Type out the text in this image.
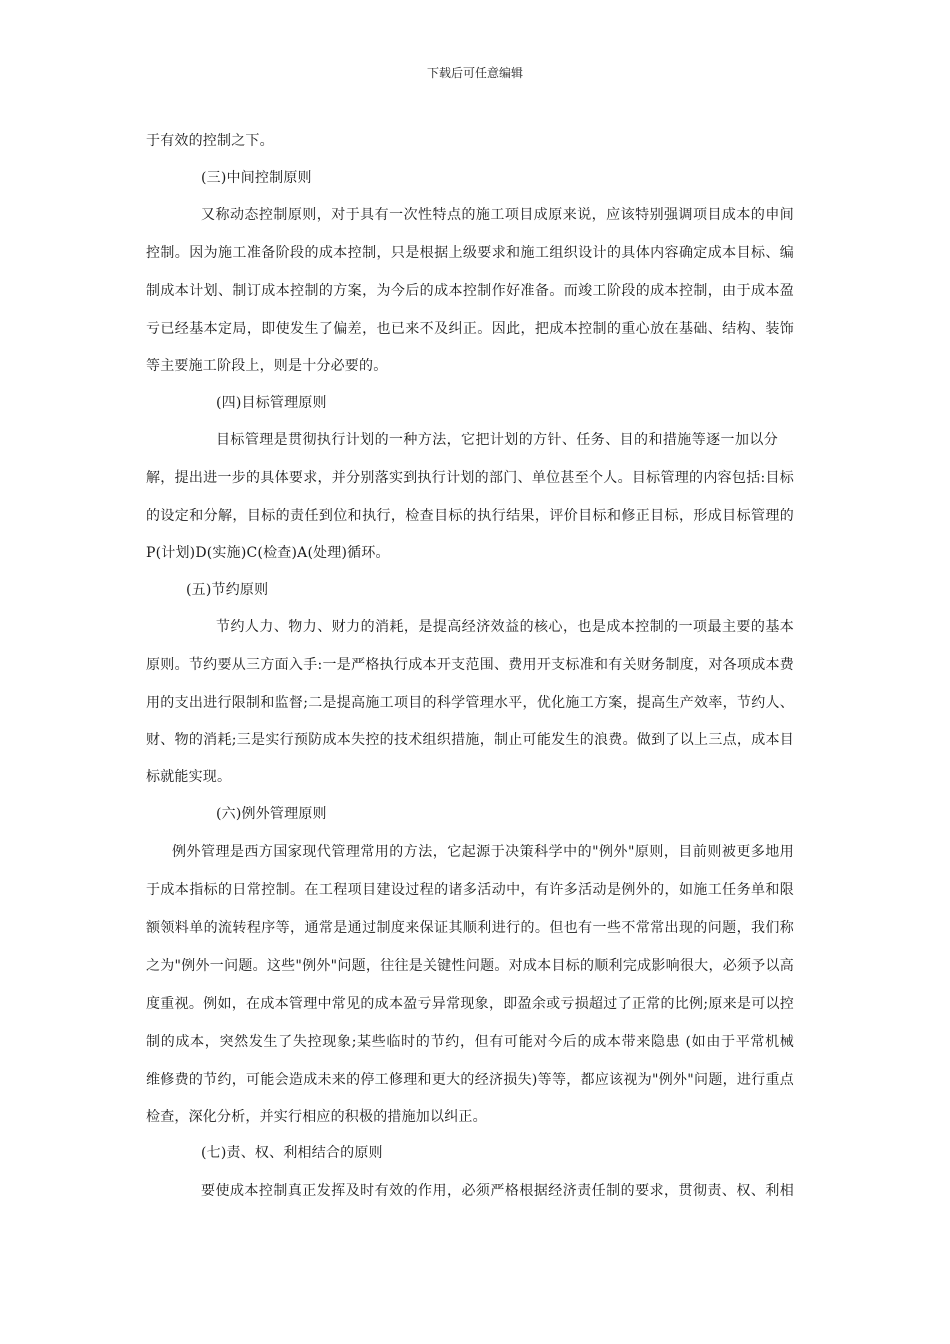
下载后可任意编辑
于有效的控制之下。
(三)中间控制原则
又称动态控制原则，对于具有一次性特点的施工项目成原来说，应该特别强调项目成本的申间
控制。因为施工准备阶段的成本控制，只是根据上级要求和施工组织设计的具体内容确定成本目标、编
制成本计划、制订成本控制的方案，为今后的成本控制作好准备。而竣工阶段的成本控制，由于成本盈
亏已经基本定局，即使发生了偏差，也已来不及纠正。因此，把成本控制的重心放在基础、结构、装饰
等主要施工阶段上，则是十分必要的。
(四)目标管理原则
目标管理是贯彻执行计划的一种方法，它把计划的方针、任务、目的和措施等逐一加以分
解，提出进一步的具体要求，并分别落实到执行计划的部门、单位甚至个人。目标管理的内容包括:目标
的设定和分解，目标的责任到位和执行，检查目标的执行结果，评价目标和修正目标，形成目标管理的
P(计划)D(实施)C(检查)A(处理)循环。
(五)节约原则
节约人力、物力、财力的消耗，是提高经济效益的核心，也是成本控制的一项最主要的基本
原则。节约要从三方面入手:一是严格执行成本开支范围、费用开支标准和有关财务制度，对各项成本费
用的支出进行限制和监督;二是提高施工项目的科学管理水平，优化施工方案，提高生产效率，节约人、
财、物的消耗;三是实行预防成本失控的技术组织措施，制止可能发生的浪费。做到了以上三点，成本目
标就能实现。
(六)例外管理原则
例外管理是西方国家现代管理常用的方法，它起源于决策科学中的"例外"原则，目前则被更多地用
于成本指标的日常控制。在工程项目建设过程的诸多活动中，有许多活动是例外的，如施工任务单和限
额领料单的流转程序等，通常是通过制度来保证其顺利进行的。但也有一些不常常出现的问题，我们称
之为"例外一问题。这些"例外"问题，往往是关键性问题。对成本目标的顺利完成影响很大，必须予以高
度重视。例如，在成本管理中常见的成本盈亏异常现象，即盈余或亏损超过了正常的比例;原来是可以控
制的成本，突然发生了失控现象;某些临时的节约，但有可能对今后的成本带来隐患 (如由于平常机械
维修费的节约，可能会造成未来的停工修理和更大的经济损失)等等，都应该视为"例外"问题，进行重点
检查，深化分析，并实行相应的积极的措施加以纠正。
(七)责、权、利相结合的原则
要使成本控制真正发挥及时有效的作用，必须严格根据经济责任制的要求，贯彻责、权、利相
